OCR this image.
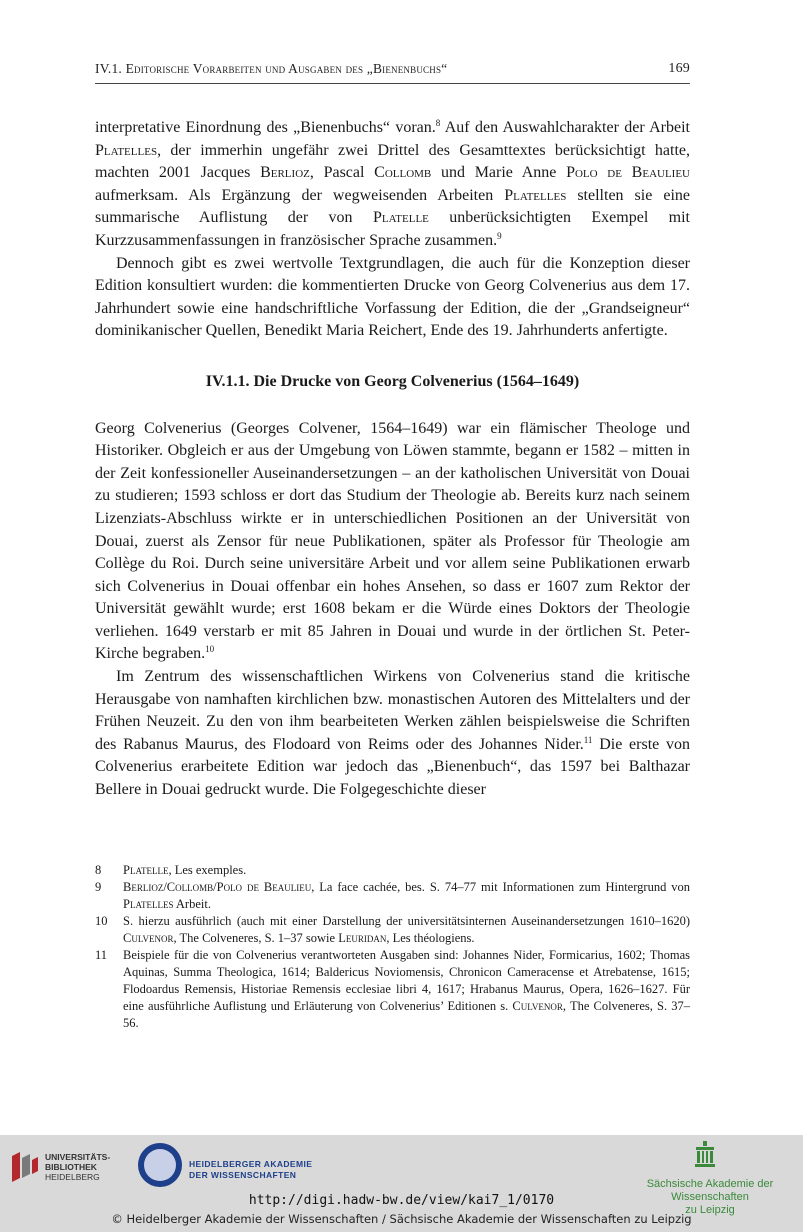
IV.1. Editorische Vorarbeiten und Ausgaben des „Bienenbuchs“	169

interpretative Einordnung des „Bienenbuchs“ voran.$^8$ Auf den Auswahlcharakter der Arbeit Platelles, der immerhin ungefähr zwei Drittel des Gesamttextes berücksichtigt hatte, machten 2001 Jacques Berlioz, Pascal Collomb und Marie Anne Polo de Beaulieu aufmerksam. Als Ergänzung der wegweisenden Arbeiten Platelles stellten sie eine summarische Auflistung der von Platelle unberücksichtigten Exempel mit Kurzzusammenfassungen in französischer Sprache zusammen.$^9$

Dennoch gibt es zwei wertvolle Textgrundlagen, die auch für die Konzeption dieser Edition konsultiert wurden: die kommentierten Drucke von Georg Colvenerius aus dem 17. Jahrhundert sowie eine handschriftliche Vorfassung der Edition, die der „Grandseigneur“ dominikanischer Quellen, Benedikt Maria Reichert, Ende des 19. Jahrhunderts anfertigte.

IV.1.1. Die Drucke von Georg Colvenerius (1564–1649)

Georg Colvenerius (Georges Colvener, 1564–1649) war ein flämischer Theologe und Historiker. Obgleich er aus der Umgebung von Löwen stammte, begann er 1582 – mitten in der Zeit konfessioneller Auseinandersetzungen – an der katholischen Universität von Douai zu studieren; 1593 schloss er dort das Studium der Theologie ab. Bereits kurz nach seinem Lizenziats-Abschluss wirkte er in unterschiedlichen Positionen an der Universität von Douai, zuerst als Zensor für neue Publikationen, später als Professor für Theologie am Collège du Roi. Durch seine universitäre Arbeit und vor allem seine Publikationen erwarb sich Colvenerius in Douai offenbar ein hohes Ansehen, so dass er 1607 zum Rektor der Universität gewählt wurde; erst 1608 bekam er die Würde eines Doktors der Theologie verliehen. 1649 verstarb er mit 85 Jahren in Douai und wurde in der örtlichen St. Peter-Kirche begraben.$^{10}$

Im Zentrum des wissenschaftlichen Wirkens von Colvenerius stand die kritische Herausgabe von namhaften kirchlichen bzw. monastischen Autoren des Mittelalters und der Frühen Neuzeit. Zu den von ihm bearbeiteten Werken zählen beispielsweise die Schriften des Rabanus Maurus, des Flodoard von Reims oder des Johannes Nider.$^{11}$ Die erste von Colvenerius erarbeitete Edition war jedoch das „Bienenbuch“, das 1597 bei Balthazar Bellere in Douai gedruckt wurde. Die Folgegeschichte dieser

8	Platelle, Les exemples.
9	Berlioz/Collomb/Polo de Beaulieu, La face cachée, bes. S. 74–77 mit Informationen zum Hintergrund von Platelles Arbeit.
10	S. hierzu ausführlich (auch mit einer Darstellung der universitätsinternen Auseinandersetzungen 1610–1620) Culvenor, The Colveneres, S. 1–37 sowie Leuridan, Les théologiens.
11	Beispiele für die von Colvenerius verantworteten Ausgaben sind: Johannes Nider, Formicarius, 1602; Thomas Aquinas, Summa Theologica, 1614; Baldericus Noviomensis, Chronicon Cameracense et Atrebatense, 1615; Flodoardus Remensis, Historiae Remensis ecclesiae libri 4, 1617; Hrabanus Maurus, Opera, 1626–1627. Für eine ausführliche Auflistung und Erläuterung von Colvenerius’ Editionen s. Culvenor, The Colveneres, S. 37–56.
UNIVERSITÄTS-
BIBLIOTHEK
HEIDELBERG
HEIDELBERGER AKADEMIE
DER WISSENSCHAFTEN
Sächsische Akademie der Wissenschaften
zu Leipzig
http://digi.hadw-bw.de/view/kai7_1/0170
© Heidelberger Akademie der Wissenschaften / Sächsische Akademie der Wissenschaften zu Leipzig
